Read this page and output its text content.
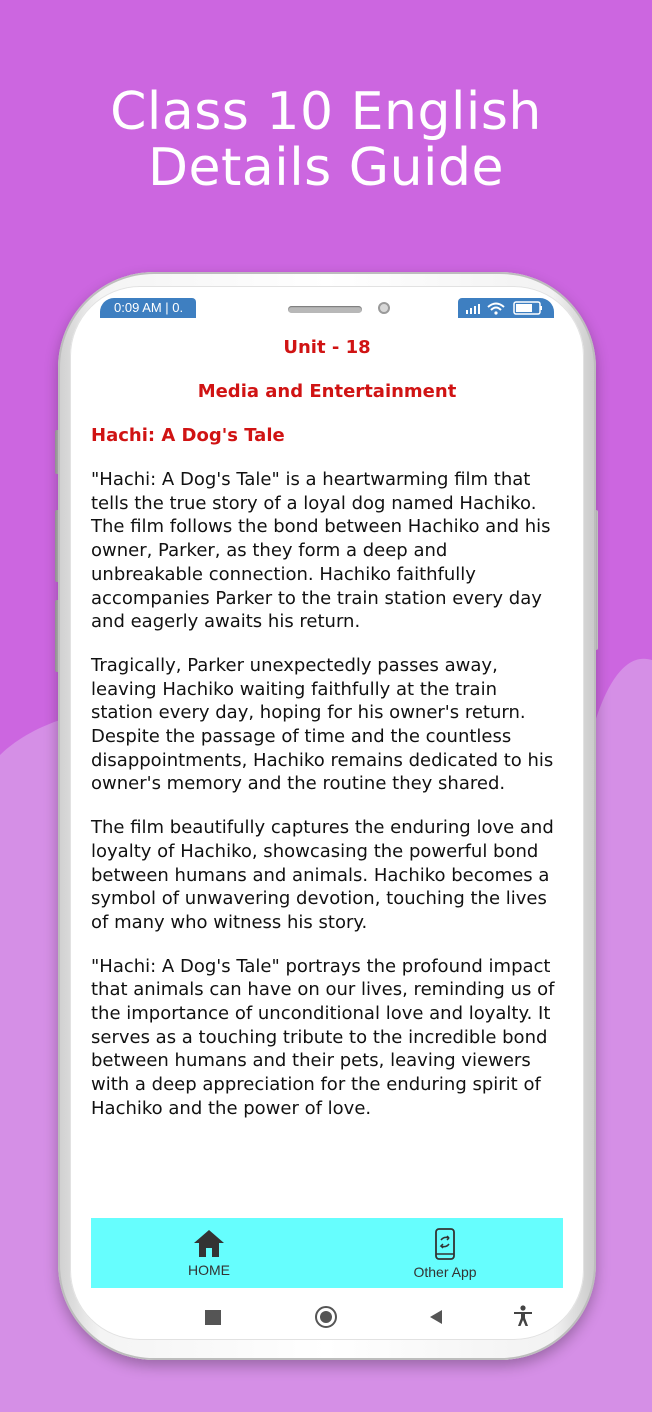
Class 10 English
Details Guide
0:09 AM | 0.

Unit - 18

Media and Entertainment

Hachi: A Dog's Tale

"Hachi: A Dog's Tale" is a heartwarming film that tells the true story of a loyal dog named Hachiko. The film follows the bond between Hachiko and his owner, Parker, as they form a deep and unbreakable connection. Hachiko faithfully accompanies Parker to the train station every day and eagerly awaits his return.

Tragically, Parker unexpectedly passes away, leaving Hachiko waiting faithfully at the train station every day, hoping for his owner's return. Despite the passage of time and the countless disappointments, Hachiko remains dedicated to his owner's memory and the routine they shared.

The film beautifully captures the enduring love and loyalty of Hachiko, showcasing the powerful bond between humans and animals. Hachiko becomes a symbol of unwavering devotion, touching the lives of many who witness his story.

"Hachi: A Dog's Tale" portrays the profound impact that animals can have on our lives, reminding us of the importance of unconditional love and loyalty. It serves as a touching tribute to the incredible bond between humans and their pets, leaving viewers with a deep appreciation for the enduring spirit of Hachiko and the power of love.

HOME	Other App
